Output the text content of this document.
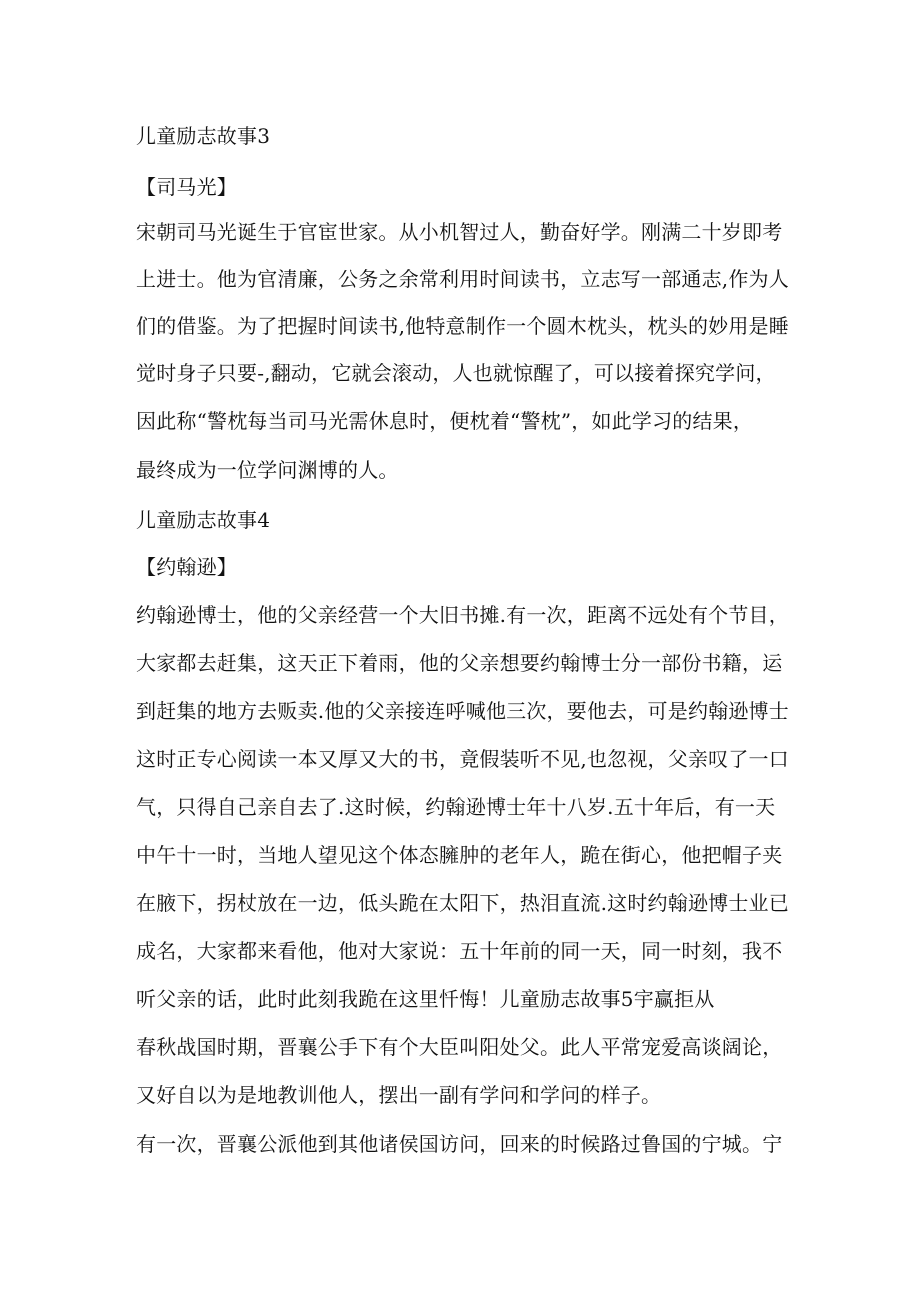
儿童励志故事3
【司马光】
宋朝司马光诞生于官宦世家。从小机智过人，勤奋好学。刚满二十岁即考
上进士。他为官清廉，公务之余常利用时间读书，立志写一部通志,作为人
们的借鉴。为了把握时间读书,他特意制作一个圆木枕头，枕头的妙用是睡
觉时身子只要-,翻动，它就会滚动，人也就惊醒了，可以接着探究学问，
因此称“警枕每当司马光需休息时，便枕着“警枕”，如此学习的结果，
最终成为一位学问渊博的人。
儿童励志故事4
【约翰逊】
约翰逊博士，他的父亲经营一个大旧书摊.有一次，距离不远处有个节目，
大家都去赶集，这天正下着雨，他的父亲想要约翰博士分一部份书籍，运
到赶集的地方去贩卖.他的父亲接连呼喊他三次，要他去，可是约翰逊博士
这时正专心阅读一本又厚又大的书，竟假装听不见,也忽视，父亲叹了一口
气，只得自己亲自去了.这时候，约翰逊博士年十八岁.五十年后，有一天
中午十一时，当地人望见这个体态臃肿的老年人，跪在街心，他把帽子夹
在腋下，拐杖放在一边，低头跪在太阳下，热泪直流.这时约翰逊博士业已
成名，大家都来看他，他对大家说：五十年前的同一天，同一时刻，我不
听父亲的话，此时此刻我跪在这里忏悔！儿童励志故事5宇赢拒从
春秋战国时期，晋襄公手下有个大臣叫阳处父。此人平常宠爱高谈阔论，
又好自以为是地教训他人，摆出一副有学问和学问的样子。
有一次，晋襄公派他到其他诸侯国访问，回来的时候路过鲁国的宁城。宁
